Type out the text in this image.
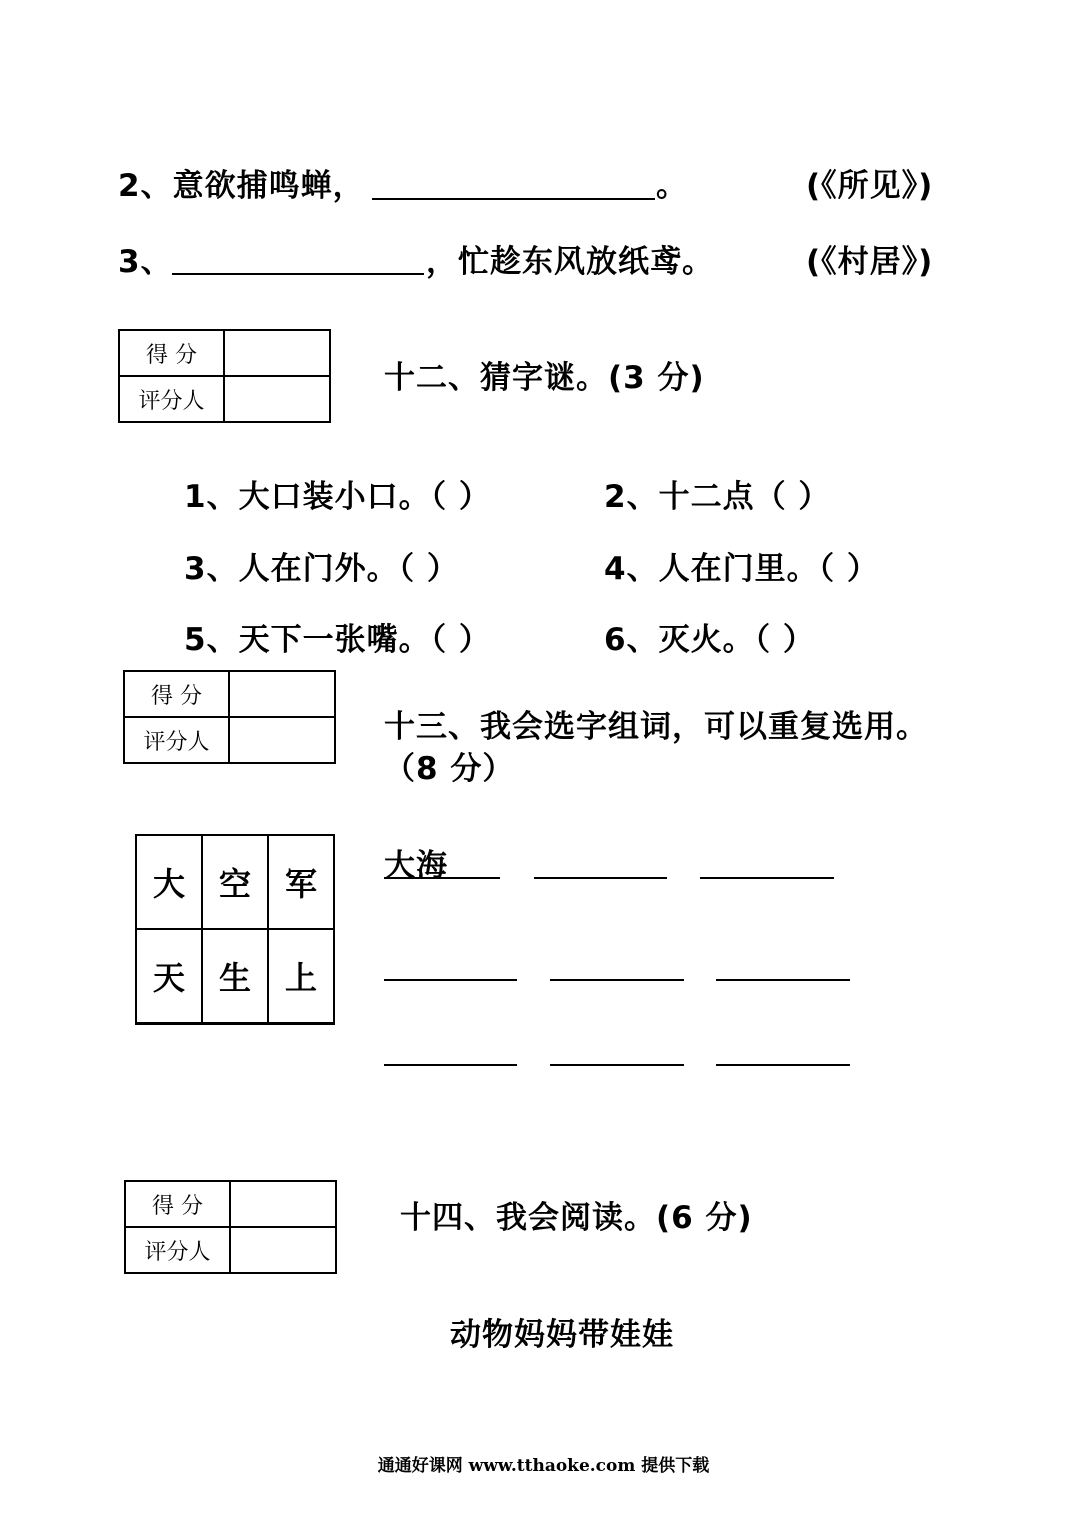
2、意欲捕鸣蝉，	。	(《所见》)
3、	，忙趁东风放纸鸢。	(《村居》)
得 分	
评分人	
十二、猜字谜。(3 分)
1、大口装小口。（ ）	2、十二点（ ）
3、人在门外。（ ）	4、人在门里。（ ）
5、天下一张嘴。（ ）	6、灭火。（ ）
得 分	
评分人		十三、我会选字组词，可以重复选用。
（8 分）
大	空	军
天	生	上
大海
得 分	
评分人	
十四、我会阅读。(6 分)
动物妈妈带娃娃
通通好课网 www.tthaoke.com 提供下载
